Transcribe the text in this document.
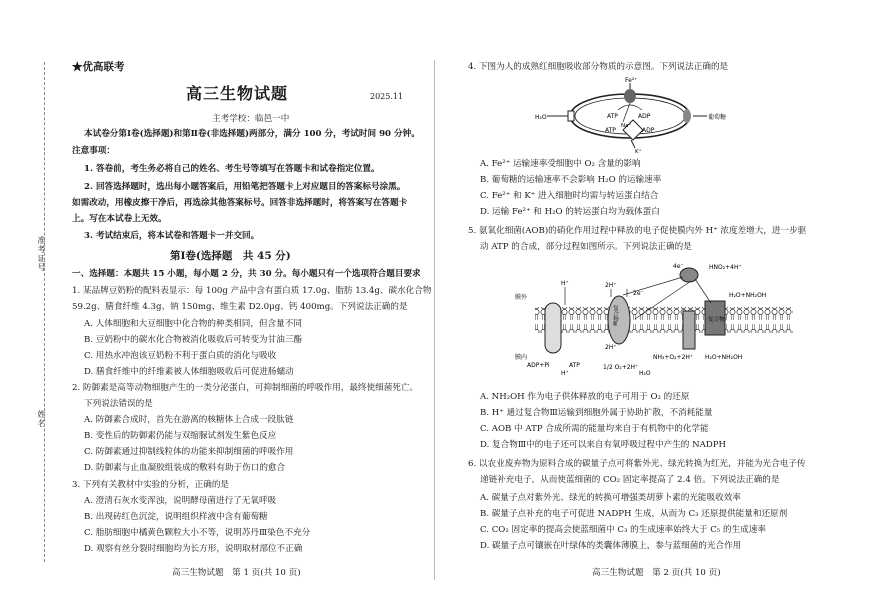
准考证号
姓名
★优高联考
高三生物试题	2025.11
主考学校：临邑一中
本试卷分第Ⅰ卷(选择题)和第Ⅱ卷(非选择题)两部分，满分 100 分，考试时间 90 分钟。
注意事项：
1. 答卷前，考生务必将自己的姓名、考生号等填写在答题卡和试卷指定位置。
2. 回答选择题时，选出每小题答案后，用铅笔把答题卡上对应题目的答案标号涂黑。
如需改动，用橡皮擦干净后，再选涂其他答案标号。回答非选择题时，将答案写在答题卡
上。写在本试卷上无效。
3. 考试结束后，将本试卷和答题卡一并交回。
第Ⅰ卷(选择题　共 45 分)
一、选择题：本题共 15 小题，每小题 2 分，共 30 分。每小题只有一个选项符合题目要求
1. 某品牌豆奶粉的配料表显示：每 100g 产品中含有蛋白质 17.0g、脂肪 13.4g、碳水化合物
59.2g、膳食纤维 4.3g、钠 150mg、维生素 D2.0μg、钙 400mg。下列说法正确的是
A. 人体细胞和大豆细胞中化合物的种类相同，但含量不同
B. 豆奶粉中的碳水化合物被消化吸收后可转变为甘油三酯
C. 用热水冲泡该豆奶粉不利于蛋白质的消化与吸收
D. 膳食纤维中的纤维素被人体细胞吸收后可促进肠蠕动
2. 防御素是高等动物细胞产生的一类分泌蛋白，可抑制细菌的呼吸作用，最终使细菌死亡。
下列说法错误的是
A. 防御素合成时，首先在游离的核糖体上合成一段肽链
B. 变性后的防御素仍能与双缩脲试剂发生紫色反应
C. 防御素通过抑制线粒体的功能来抑制细菌的呼吸作用
D. 防御素与止血凝胶组装成的敷料有助于伤口的愈合
3. 下列有关教材中实验的分析，正确的是
A. 澄清石灰水变浑浊，说明酵母菌进行了无氧呼吸
B. 出现砖红色沉淀，说明组织样液中含有葡萄糖
C. 脂肪细胞中橘黄色颗粒大小不等，说明苏丹Ⅲ染色不充分
D. 观察有丝分裂时细胞均为长方形，说明取材部位不正确
高三生物试题　第 1 页(共 10 页)
4. 下图为人的成熟红细胞吸收部分物质的示意图。下列说法正确的是
Fe²⁺
H₂O	ATP	ADP
Na⁺
ATP	ADP
K⁺
葡萄糖
A. Fe²⁺ 运输速率受细胞中 O₂ 含量的影响
B. 葡萄糖的运输速率不会影响 H₂O 的运输速率
C. Fe²⁺ 和 K⁺ 进入细胞时均需与转运蛋白结合
D. 运输 Fe²⁺ 和 H₂O 的转运蛋白均为载体蛋白
5. 氨氧化细菌(AOB)的硝化作用过程中释放的电子促使膜内外 H⁺ 浓度差增大，进一步驱
动 ATP 的合成，部分过程如图所示。下列说法正确的是
膜外
膜内
H⁺	2H⁺
2e⁻
4e⁻
复合物Ⅲ	复合物Ⅰ
HNO₂+4H⁺
H₂O+NH₂OH
2H⁺
NH₃+O₂+2H⁺ H₂O+NH₂OH
1/2 O₂+2H⁺
H₂O
H⁺
ADP+Pi	ATP
A. NH₂OH 作为电子供体释放的电子可用于 O₂ 的还原
B. H⁺ 通过复合物Ⅲ运输到细胞外属于协助扩散，不消耗能量
C. AOB 中 ATP 合成所需的能量均来自于有机物中的化学能
D. 复合物Ⅲ中的电子还可以来自有氧呼吸过程中产生的 NADPH
6. 以农业废弃物为原料合成的碳量子点可将紫外光、绿光转换为红光，并能为光合电子传
递链补充电子，从而使蓝细菌的 CO₂ 固定率提高了 2.4 倍。下列说法正确的是
A. 碳量子点对紫外光、绿光的转换可增强类胡萝卜素的光能吸收效率
B. 碳量子点补充的电子可促进 NADPH 生成，从而为 C₃ 还原提供能量和还原剂
C. CO₂ 固定率的提高会使蓝细菌中 C₃ 的生成速率始终大于 C₅ 的生成速率
D. 碳量子点可镶嵌在叶绿体的类囊体薄膜上，参与蓝细菌的光合作用
高三生物试题　第 2 页(共 10 页)
